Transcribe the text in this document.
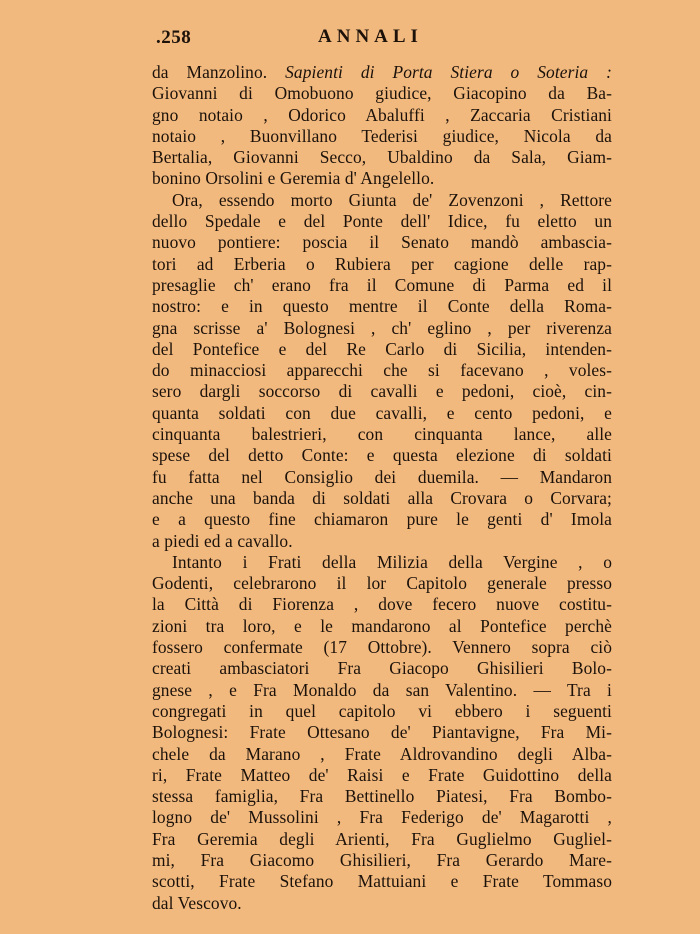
.258	ANNALI
da Manzolino. Sapienti di Porta Stiera o Soteria :
Giovanni di Omobuono giudice, Giacopino da Ba-
gno notaio , Odorico Abaluffi , Zaccaria Cristiani
notaio , Buonvillano Tederisi giudice, Nicola da
Bertalia, Giovanni Secco, Ubaldino da Sala, Giam-
bonino Orsolini e Geremia d' Angelello.
Ora, essendo morto Giunta de' Zovenzoni , Rettore
dello Spedale e del Ponte dell' Idice, fu eletto un
nuovo pontiere: poscia il Senato mandò ambascia-
tori ad Erberia o Rubiera per cagione delle rap-
presaglie ch' erano fra il Comune di Parma ed il
nostro: e in questo mentre il Conte della Roma-
gna scrisse a' Bolognesi , ch' eglino , per riverenza
del Pontefice e del Re Carlo di Sicilia, intenden-
do minacciosi apparecchi che si facevano , voles-
sero dargli soccorso di cavalli e pedoni, cioè, cin-
quanta soldati con due cavalli, e cento pedoni, e
cinquanta balestrieri, con cinquanta lance, alle
spese del detto Conte: e questa elezione di soldati
fu fatta nel Consiglio dei duemila. — Mandaron
anche una banda di soldati alla Crovara o Corvara;
e a questo fine chiamaron pure le genti d' Imola
a piedi ed a cavallo.
Intanto i Frati della Milizia della Vergine , o
Godenti, celebrarono il lor Capitolo generale presso
la Città di Fiorenza , dove fecero nuove costitu-
zioni tra loro, e le mandarono al Pontefice perchè
fossero confermate (17 Ottobre). Vennero sopra ciò
creati ambasciatori Fra Giacopo Ghisilieri Bolo-
gnese , e Fra Monaldo da san Valentino. — Tra i
congregati in quel capitolo vi ebbero i seguenti
Bolognesi: Frate Ottesano de' Piantavigne, Fra Mi-
chele da Marano , Frate Aldrovandino degli Alba-
ri, Frate Matteo de' Raisi e Frate Guidottino della
stessa famiglia, Fra Bettinello Piatesi, Fra Bombo-
logno de' Mussolini , Fra Federigo de' Magarotti ,
Fra Geremia degli Arienti, Fra Guglielmo Gugliel-
mi, Fra Giacomo Ghisilieri, Fra Gerardo Mare-
scotti, Frate Stefano Mattuiani e Frate Tommaso
dal Vescovo.
